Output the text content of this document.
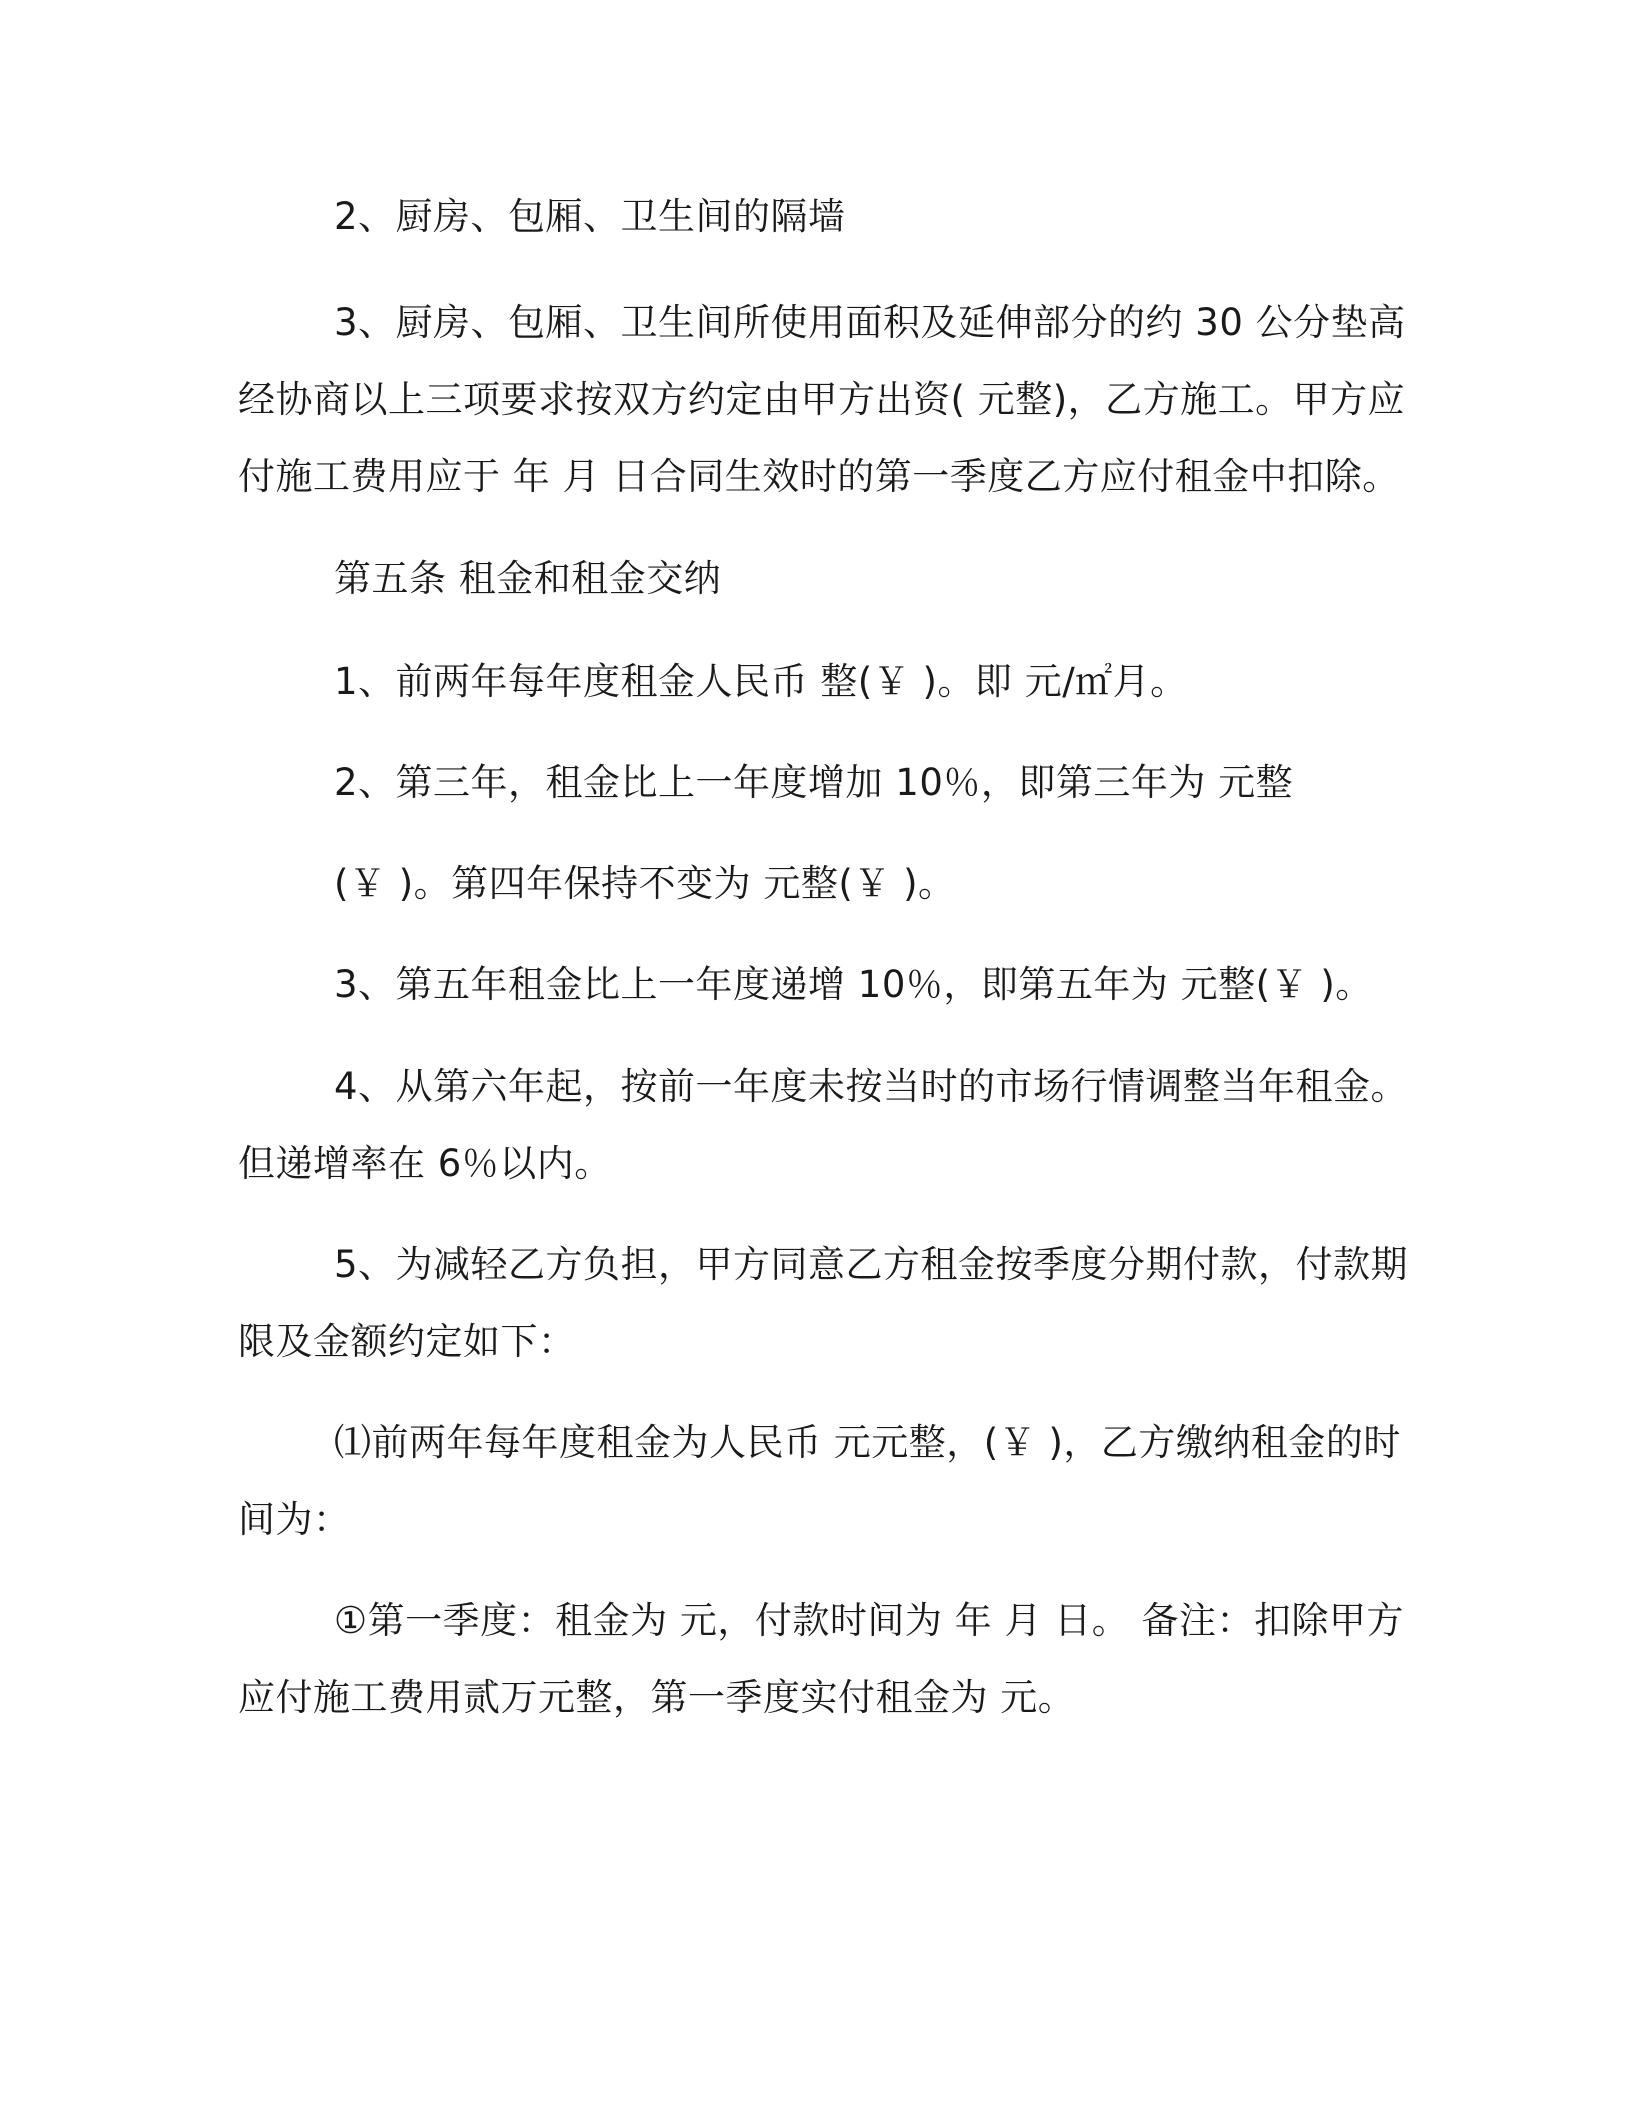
2、厨房、包厢、卫生间的隔墙

3、厨房、包厢、卫生间所使用面积及延伸部分的约 30 公分垫高经协商以上三项要求按双方约定由甲方出资( 元整)，乙方施工。甲方应付施工费用应于 年 月 日合同生效时的第一季度乙方应付租金中扣除。

第五条 租金和租金交纳

1、前两年每年度租金人民币 整(￥ )。即 元/㎡月。

2、第三年，租金比上一年度增加 10％，即第三年为 元整

(￥ )。第四年保持不变为 元整(￥ )。

3、第五年租金比上一年度递增 10％，即第五年为 元整(￥ )。

4、从第六年起，按前一年度未按当时的市场行情调整当年租金。但递增率在 6％以内。

5、为减轻乙方负担，甲方同意乙方租金按季度分期付款，付款期限及金额约定如下：

⑴前两年每年度租金为人民币 元元整，(￥ )，乙方缴纳租金的时间为：

①第一季度：租金为 元，付款时间为 年 月 日。 备注：扣除甲方应付施工费用贰万元整，第一季度实付租金为 元。
